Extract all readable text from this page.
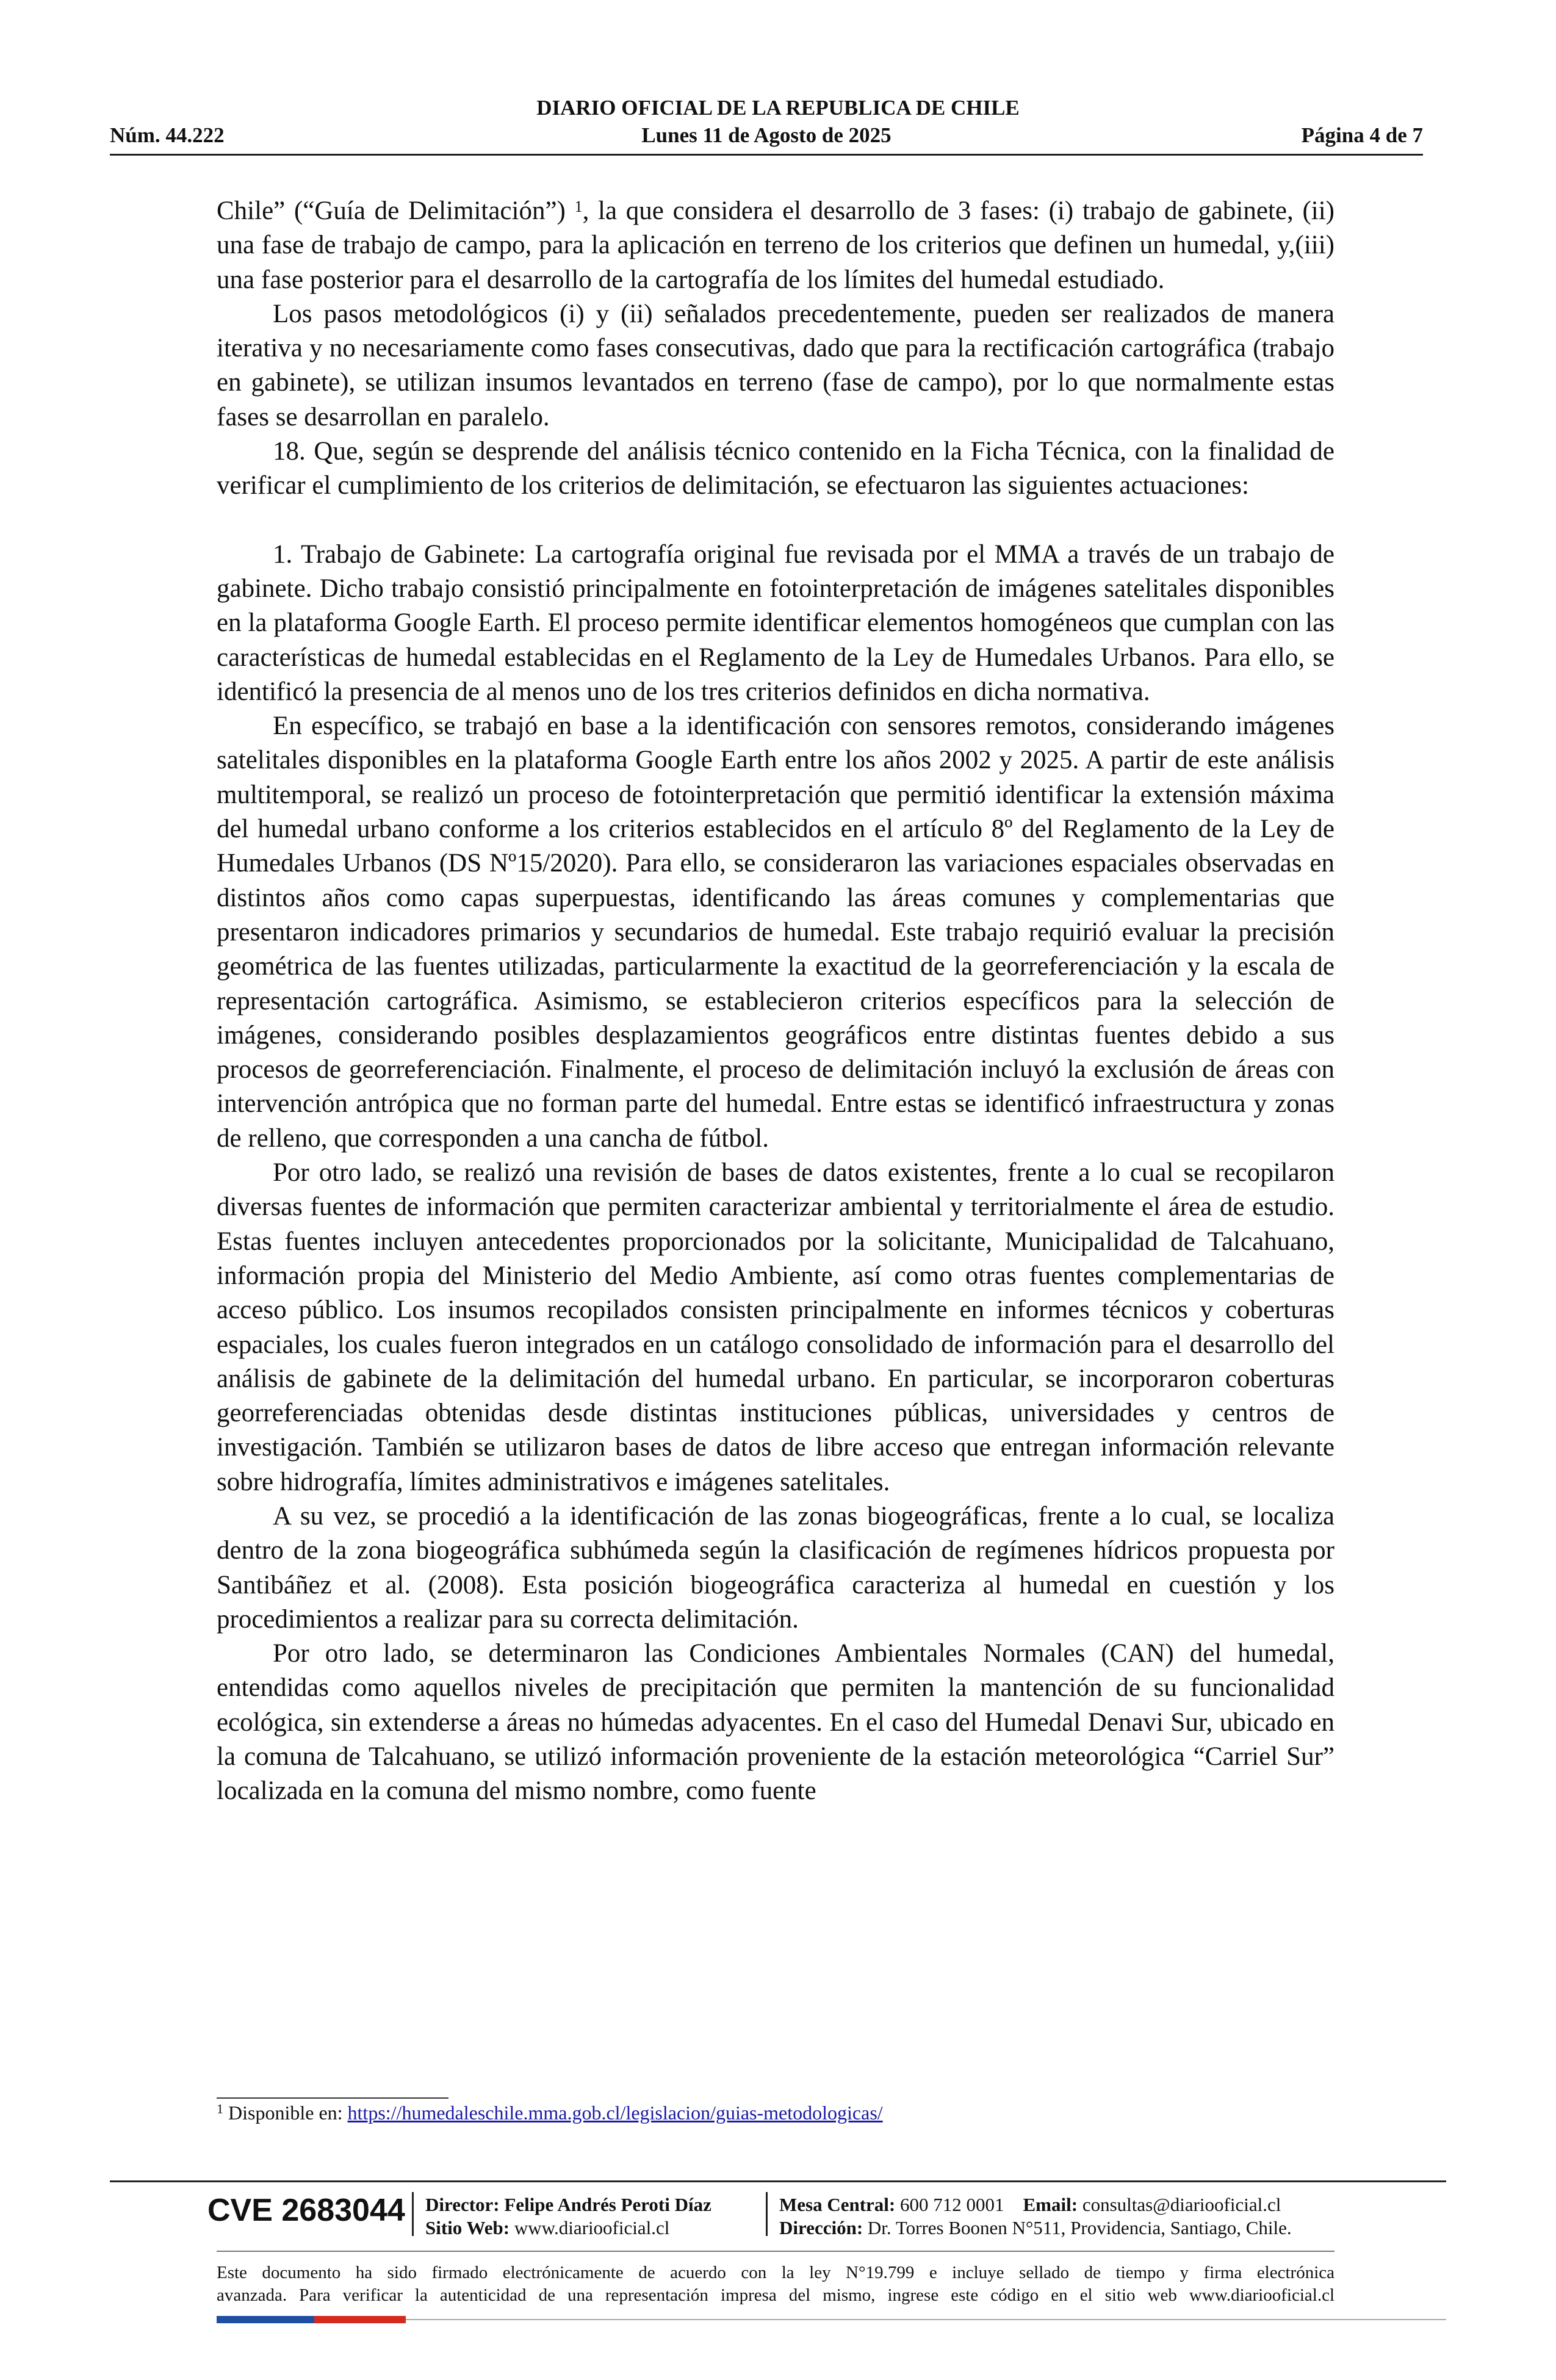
DIARIO OFICIAL DE LA REPUBLICA DE CHILE
Núm. 44.222	Lunes 11 de Agosto de 2025	Página 4 de 7

Chile” (“Guía de Delimitación”) $^1$, la que considera el desarrollo de 3 fases: (i) trabajo de gabinete, (ii) una fase de trabajo de campo, para la aplicación en terreno de los criterios que definen un humedal, y,(iii) una fase posterior para el desarrollo de la cartografía de los límites del humedal estudiado.

Los pasos metodológicos (i) y (ii) señalados precedentemente, pueden ser realizados de manera iterativa y no necesariamente como fases consecutivas, dado que para la rectificación cartográfica (trabajo en gabinete), se utilizan insumos levantados en terreno (fase de campo), por lo que normalmente estas fases se desarrollan en paralelo.

18. Que, según se desprende del análisis técnico contenido en la Ficha Técnica, con la finalidad de verificar el cumplimiento de los criterios de delimitación, se efectuaron las siguientes actuaciones:

1. Trabajo de Gabinete: La cartografía original fue revisada por el MMA a través de un trabajo de gabinete. Dicho trabajo consistió principalmente en fotointerpretación de imágenes satelitales disponibles en la plataforma Google Earth. El proceso permite identificar elementos homogéneos que cumplan con las características de humedal establecidas en el Reglamento de la Ley de Humedales Urbanos. Para ello, se identificó la presencia de al menos uno de los tres criterios definidos en dicha normativa.

En específico, se trabajó en base a la identificación con sensores remotos, considerando imágenes satelitales disponibles en la plataforma Google Earth entre los años 2002 y 2025. A partir de este análisis multitemporal, se realizó un proceso de fotointerpretación que permitió identificar la extensión máxima del humedal urbano conforme a los criterios establecidos en el artículo 8º del Reglamento de la Ley de Humedales Urbanos (DS Nº15/2020). Para ello, se consideraron las variaciones espaciales observadas en distintos años como capas superpuestas, identificando las áreas comunes y complementarias que presentaron indicadores primarios y secundarios de humedal. Este trabajo requirió evaluar la precisión geométrica de las fuentes utilizadas, particularmente la exactitud de la georreferenciación y la escala de representación cartográfica. Asimismo, se establecieron criterios específicos para la selección de imágenes, considerando posibles desplazamientos geográficos entre distintas fuentes debido a sus procesos de georreferenciación. Finalmente, el proceso de delimitación incluyó la exclusión de áreas con intervención antrópica que no forman parte del humedal. Entre estas se identificó infraestructura y zonas de relleno, que corresponden a una cancha de fútbol.

Por otro lado, se realizó una revisión de bases de datos existentes, frente a lo cual se recopilaron diversas fuentes de información que permiten caracterizar ambiental y territorialmente el área de estudio. Estas fuentes incluyen antecedentes proporcionados por la solicitante, Municipalidad de Talcahuano, información propia del Ministerio del Medio Ambiente, así como otras fuentes complementarias de acceso público. Los insumos recopilados consisten principalmente en informes técnicos y coberturas espaciales, los cuales fueron integrados en un catálogo consolidado de información para el desarrollo del análisis de gabinete de la delimitación del humedal urbano. En particular, se incorporaron coberturas georreferenciadas obtenidas desde distintas instituciones públicas, universidades y centros de investigación. También se utilizaron bases de datos de libre acceso que entregan información relevante sobre hidrografía, límites administrativos e imágenes satelitales.

A su vez, se procedió a la identificación de las zonas biogeográficas, frente a lo cual, se localiza dentro de la zona biogeográfica subhúmeda según la clasificación de regímenes hídricos propuesta por Santibáñez et al. (2008). Esta posición biogeográfica caracteriza al humedal en cuestión y los procedimientos a realizar para su correcta delimitación.

Por otro lado, se determinaron las Condiciones Ambientales Normales (CAN) del humedal, entendidas como aquellos niveles de precipitación que permiten la mantención de su funcionalidad ecológica, sin extenderse a áreas no húmedas adyacentes. En el caso del Humedal Denavi Sur, ubicado en la comuna de Talcahuano, se utilizó información proveniente de la estación meteorológica “Carriel Sur” localizada en la comuna del mismo nombre, como fuente

$^1$ Disponible en: https://humedaleschile.mma.gob.cl/legislacion/guias-metodologicas/
CVE 2683044 Director: Felipe Andrés Peroti Díaz
Sitio Web: www.diariooficial.cl
Mesa Central: 600 712 0001 Email: consultas@diariooficial.cl
Dirección: Dr. Torres Boonen N°511, Providencia, Santiago, Chile.
Este documento ha sido firmado electrónicamente de acuerdo con la ley N°19.799 e incluye sellado de tiempo y firma electrónica
avanzada. Para verificar la autenticidad de una representación impresa del mismo, ingrese este código en el sitio web www.diariooficial.cl
